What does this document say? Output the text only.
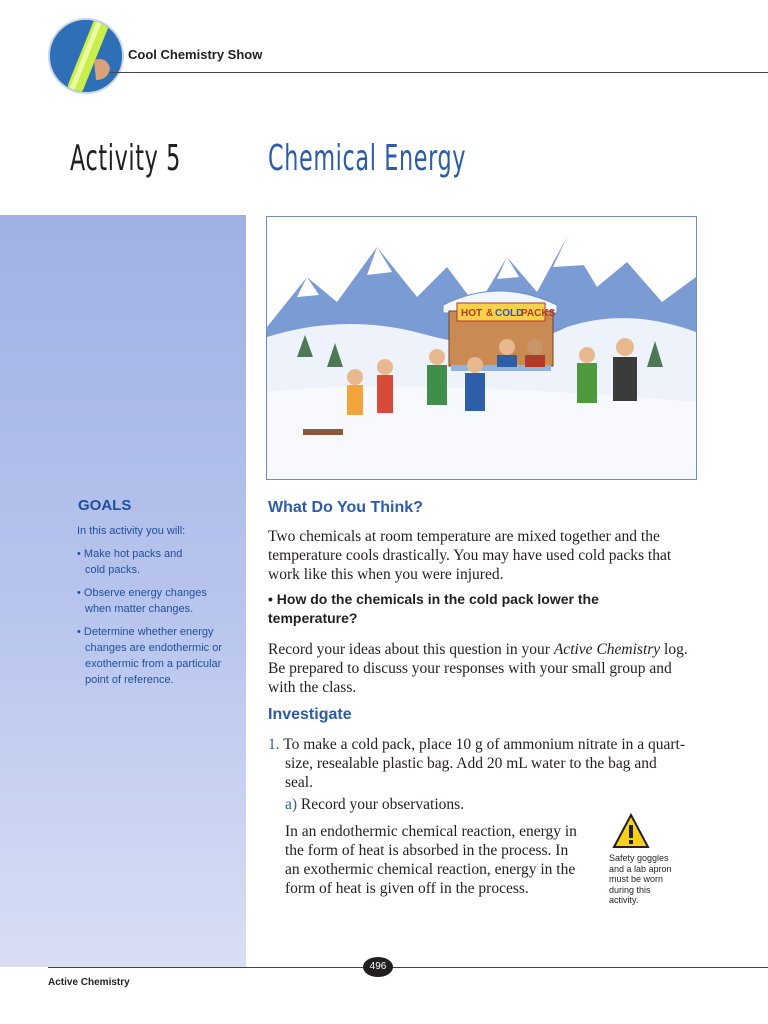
Cool Chemistry Show
Activity 5 Chemical Energy
HOT & COLD
PACKS
GOALS
In this activity you will:
• Make hot packs and cold packs.
• Observe energy changes when matter changes.
• Determine whether energy changes are endothermic or exothermic from a particular point of reference.
What Do You Think?

Two chemicals at room temperature are mixed together and the temperature cools drastically. You may have used cold packs that work like this when you were injured.

• How do the chemicals in the cold pack lower the temperature?

Record your ideas about this question in your Active Chemistry log. Be prepared to discuss your responses with your small group and with the class.

Investigate
1. To make a cold pack, place 10 g of ammonium nitrate in a quart-size, resealable plastic bag. Add 20 mL water to the bag and seal.
a) Record your observations.

In an endothermic chemical reaction, energy in the form of heat is absorbed in the process. In an exothermic chemical reaction, energy in the form of heat is given off in the process.

Safety goggles and a lab apron must be worn during this activity.
496
Active Chemistry
